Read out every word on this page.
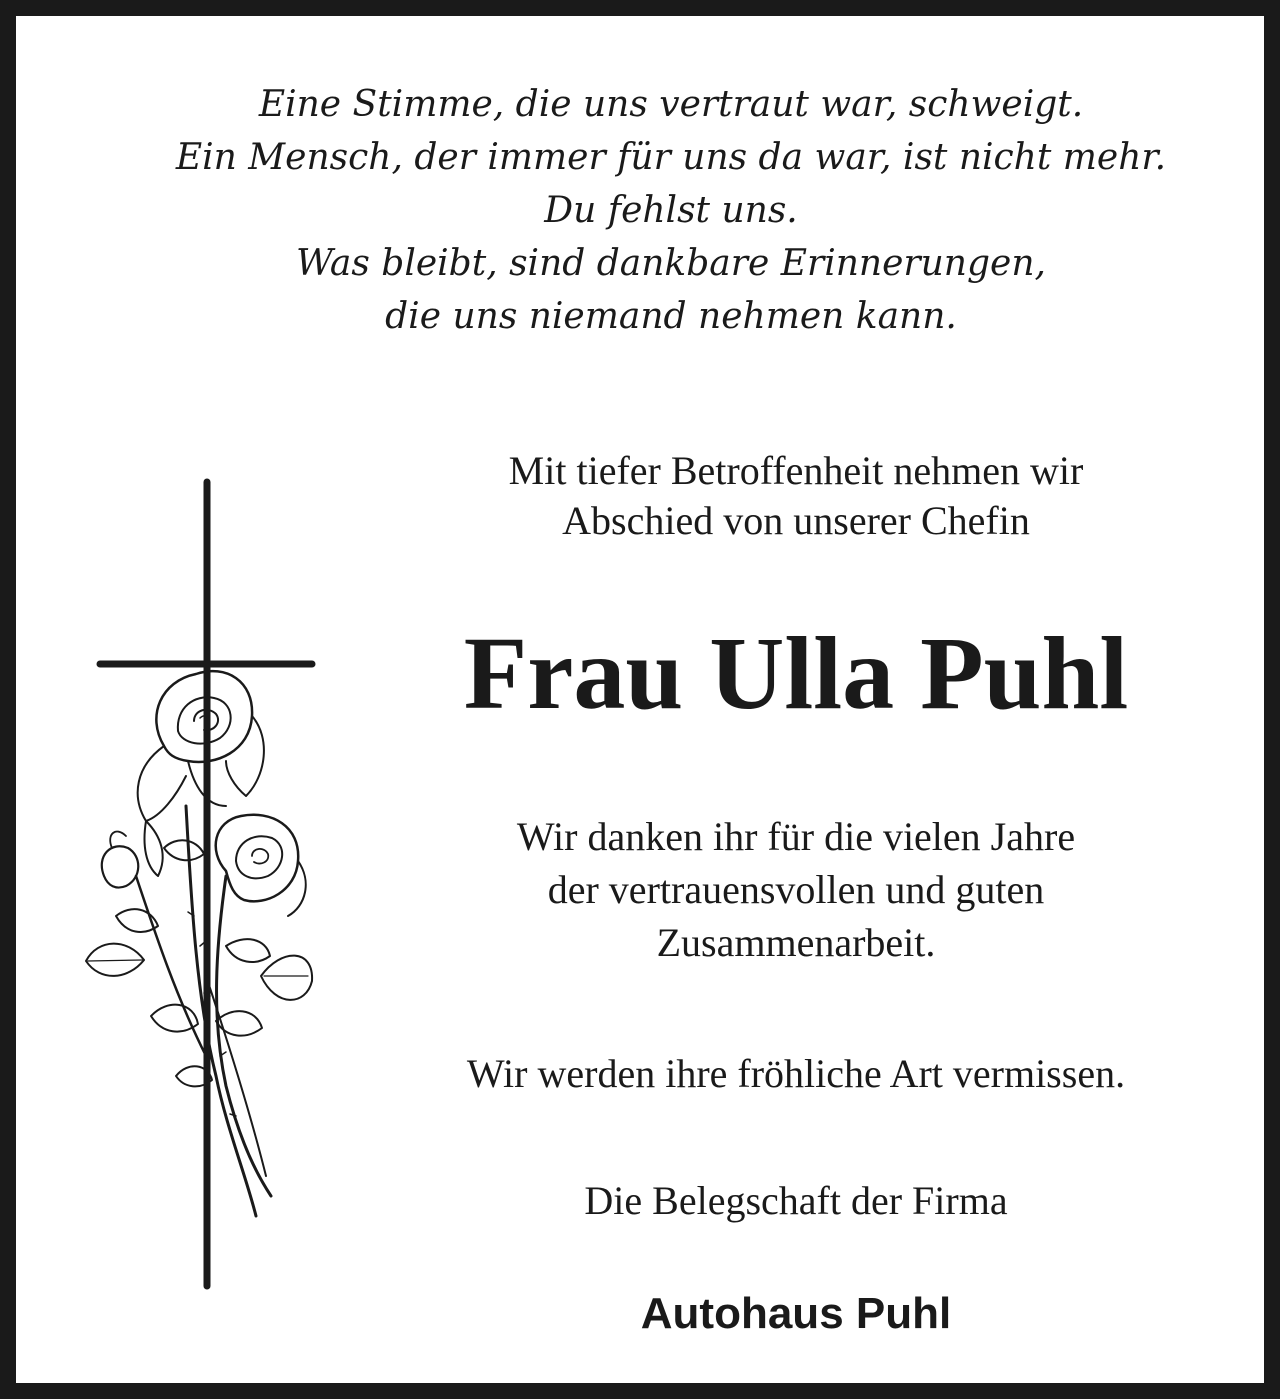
Eine Stimme, die uns vertraut war, schweigt.
Ein Mensch, der immer für uns da war, ist nicht mehr.
Du fehlst uns.
Was bleibt, sind dankbare Erinnerungen,
die uns niemand nehmen kann.
Mit tiefer Betroffenheit nehmen wir
Abschied von unserer Chefin
Frau Ulla Puhl
Wir danken ihr für die vielen Jahre
der vertrauensvollen und guten
Zusammenarbeit.
Wir werden ihre fröhliche Art vermissen.
Die Belegschaft der Firma
Autohaus Puhl
